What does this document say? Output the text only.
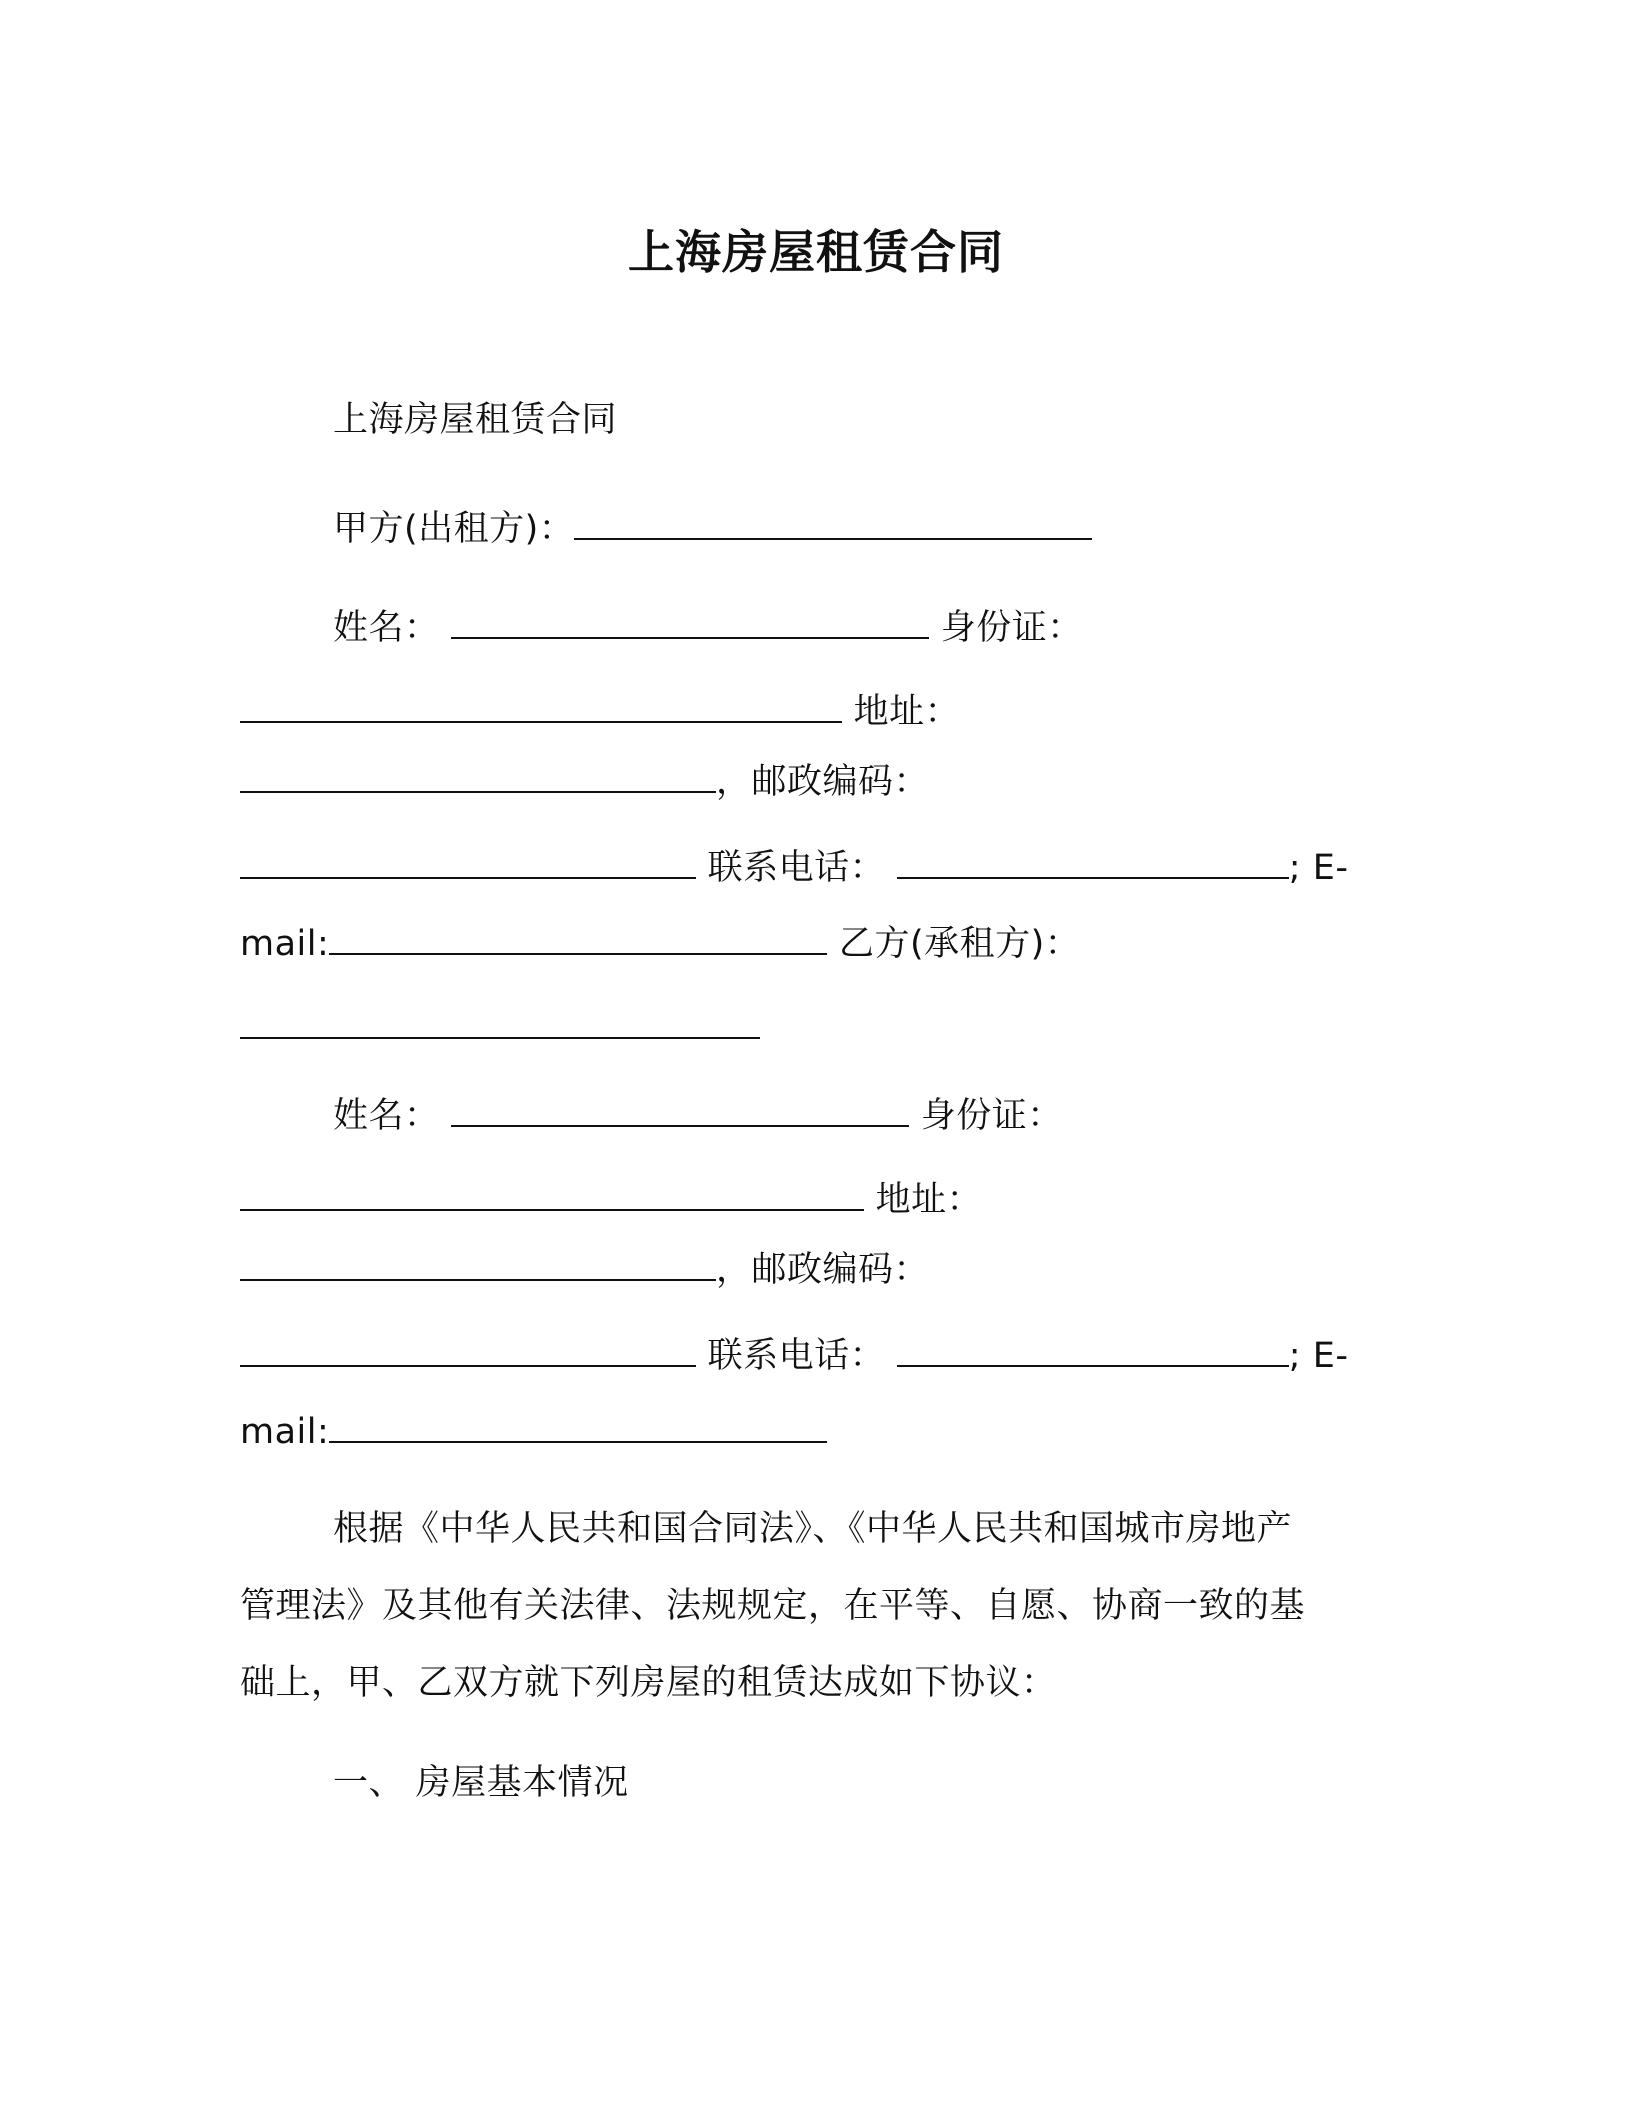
上海房屋租赁合同
上海房屋租赁合同
甲方(出租方)：
姓名：	身份证：
地址：
，邮政编码：
联系电话：	; E-
mail:	乙方(承租方)：
姓名：	身份证：
地址：
，邮政编码：
联系电话：	; E-
mail:
根据《中华人民共和国合同法》、《中华人民共和国城市房地产
管理法》及其他有关法律、法规规定，在平等、自愿、协商一致的基
础上，甲、乙双方就下列房屋的租赁达成如下协议：
一、 房屋基本情况
